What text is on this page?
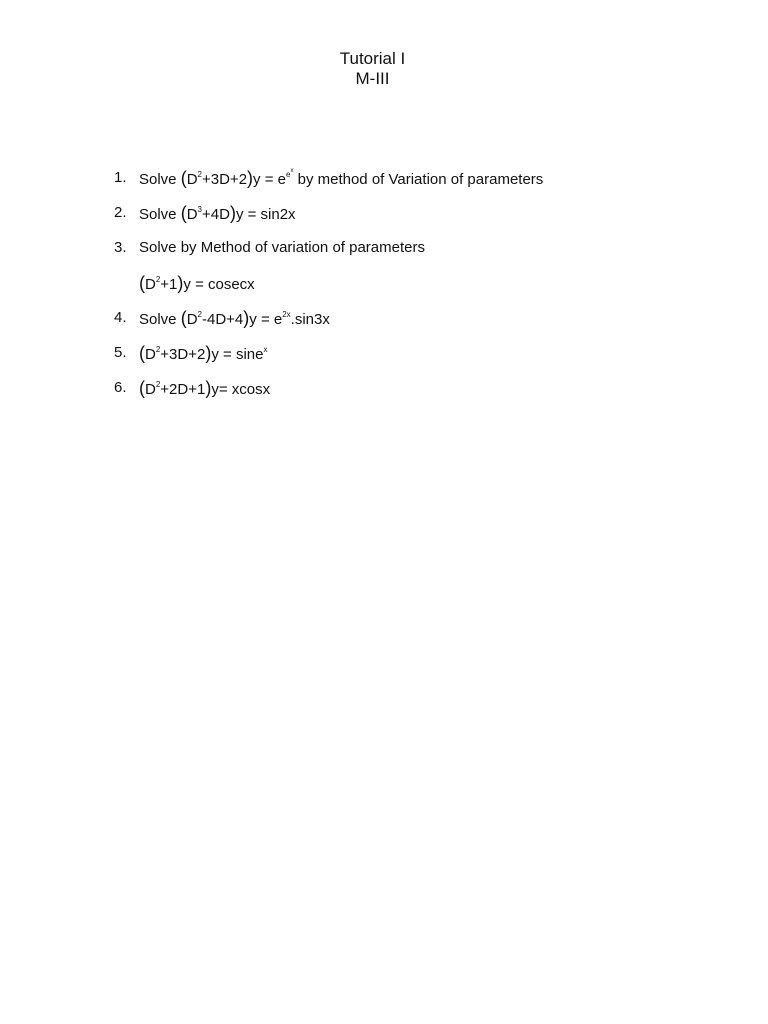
Tutorial I
M-III
1. Solve $(D^2+3D+2)y = e^{e^x}$ by method of Variation of parameters
2. Solve $(D^3+4D)y = \sin 2x$
3. Solve by Method of variation of parameters
$(D^2+1)y = cosecx$
4. Solve $(D^2-4D+4)y = e^{2x}.\sin 3x$
5. $(D^2+3D+2)y = \sin e^x$
6. $(D^2+2D+1)y= xcosx$
